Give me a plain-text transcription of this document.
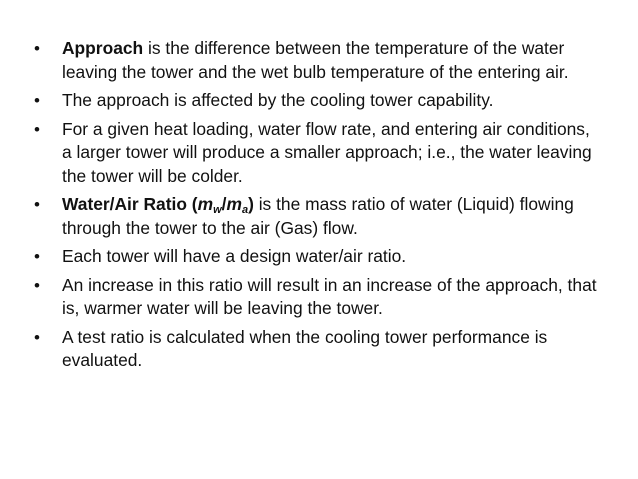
•	Approach is the difference between the temperature of the water leaving the tower and the wet bulb temperature of the entering air.
•	The approach is affected by the cooling tower capability.
•	For a given heat loading, water flow rate, and entering air conditions, a larger tower will produce a smaller approach; i.e., the water leaving the tower will be colder.
•	Water/Air Ratio $(m_w/m_a)$ is the mass ratio of water (Liquid) flowing through the tower to the air (Gas) flow.
•	Each tower will have a design water/air ratio.
•	An increase in this ratio will result in an increase of the approach, that is, warmer water will be leaving the tower.
•	A test ratio is calculated when the cooling tower performance is evaluated.
